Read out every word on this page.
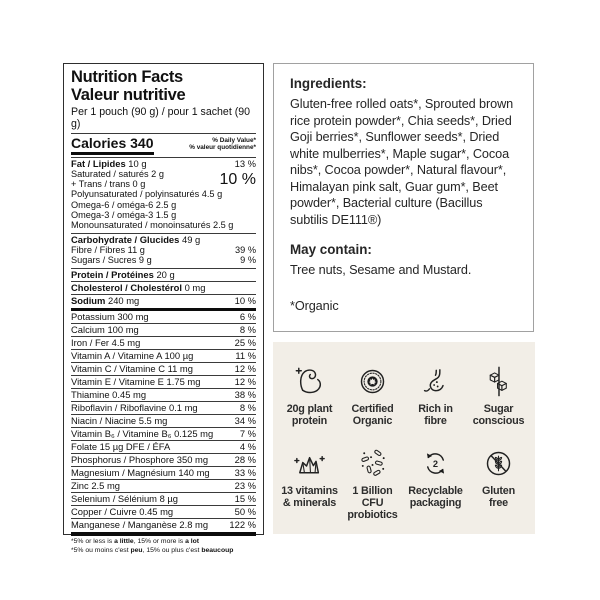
Nutrition Facts
Valeur nutritive
Per 1 pouch (90 g) / pour 1 sachet (90 g)
Calories 340	% Daily Value*
% valeur quotidienne*
Fat / Lipides 10 g	13 %
Saturated / saturés 2 g
+ Trans / trans 0 g	10 %
Polyunsaturated / polyinsaturés 4.5 g
Omega-6 / oméga-6 2.5 g
Omega-3 / oméga-3 1.5 g
Monounsaturated / monoinsaturés 2.5 g
Carbohydrate / Glucides 49 g
Fibre / Fibres 11 g	39 %
Sugars / Sucres 9 g	9 %
Protein / Protéines 20 g
Cholesterol / Cholestérol 0 mg
Sodium 240 mg	10 %
Potassium 300 mg	6 %
Calcium 100 mg	8 %
Iron / Fer 4.5 mg	25 %
Vitamin A / Vitamine A 100 µg	11 %
Vitamin C / Vitamine C 11 mg	12 %
Vitamin E / Vitamine E 1.75 mg	12 %
Thiamine 0.45 mg	38 %
Riboflavin / Riboflavine 0.1 mg	8 %
Niacin / Niacine 5.5 mg	34 %
Vitamin B₆ / Vitamine B₆ 0.125 mg	7 %
Folate 15 µg DFE / ÉFA	4 %
Phosphorus / Phosphore 350 mg	28 %
Magnesium / Magnésium 140 mg	33 %
Zinc 2.5 mg	23 %
Selenium / Sélénium 8 µg	15 %
Copper / Cuivre 0.45 mg	50 %
Manganese / Manganèse 2.8 mg	122 %
*5% or less is a little, 15% or more is a lot
*5% ou moins c'est peu, 15% ou plus c'est beaucoup

Ingredients:

Gluten-free rolled oats*, Sprouted brown rice protein powder*, Chia seeds*, Dried Goji berries*, Sunflower seeds*, Dried white mulberries*, Maple sugar*, Cocoa nibs*, Cocoa powder*, Natural flavour*, Himalayan pink salt, Guar gum*, Beet powder*, Bacterial culture (Bacillus subtilis DE111®)

May contain:

Tree nuts, Sesame and Mustard.

*Organic

20g plant
protein
Certified
Organic
Rich in
fibre
Sugar
conscious
13 vitamins
& minerals
1 Billion CFU
probiotics
2
Recyclable
packaging
Gluten
free
